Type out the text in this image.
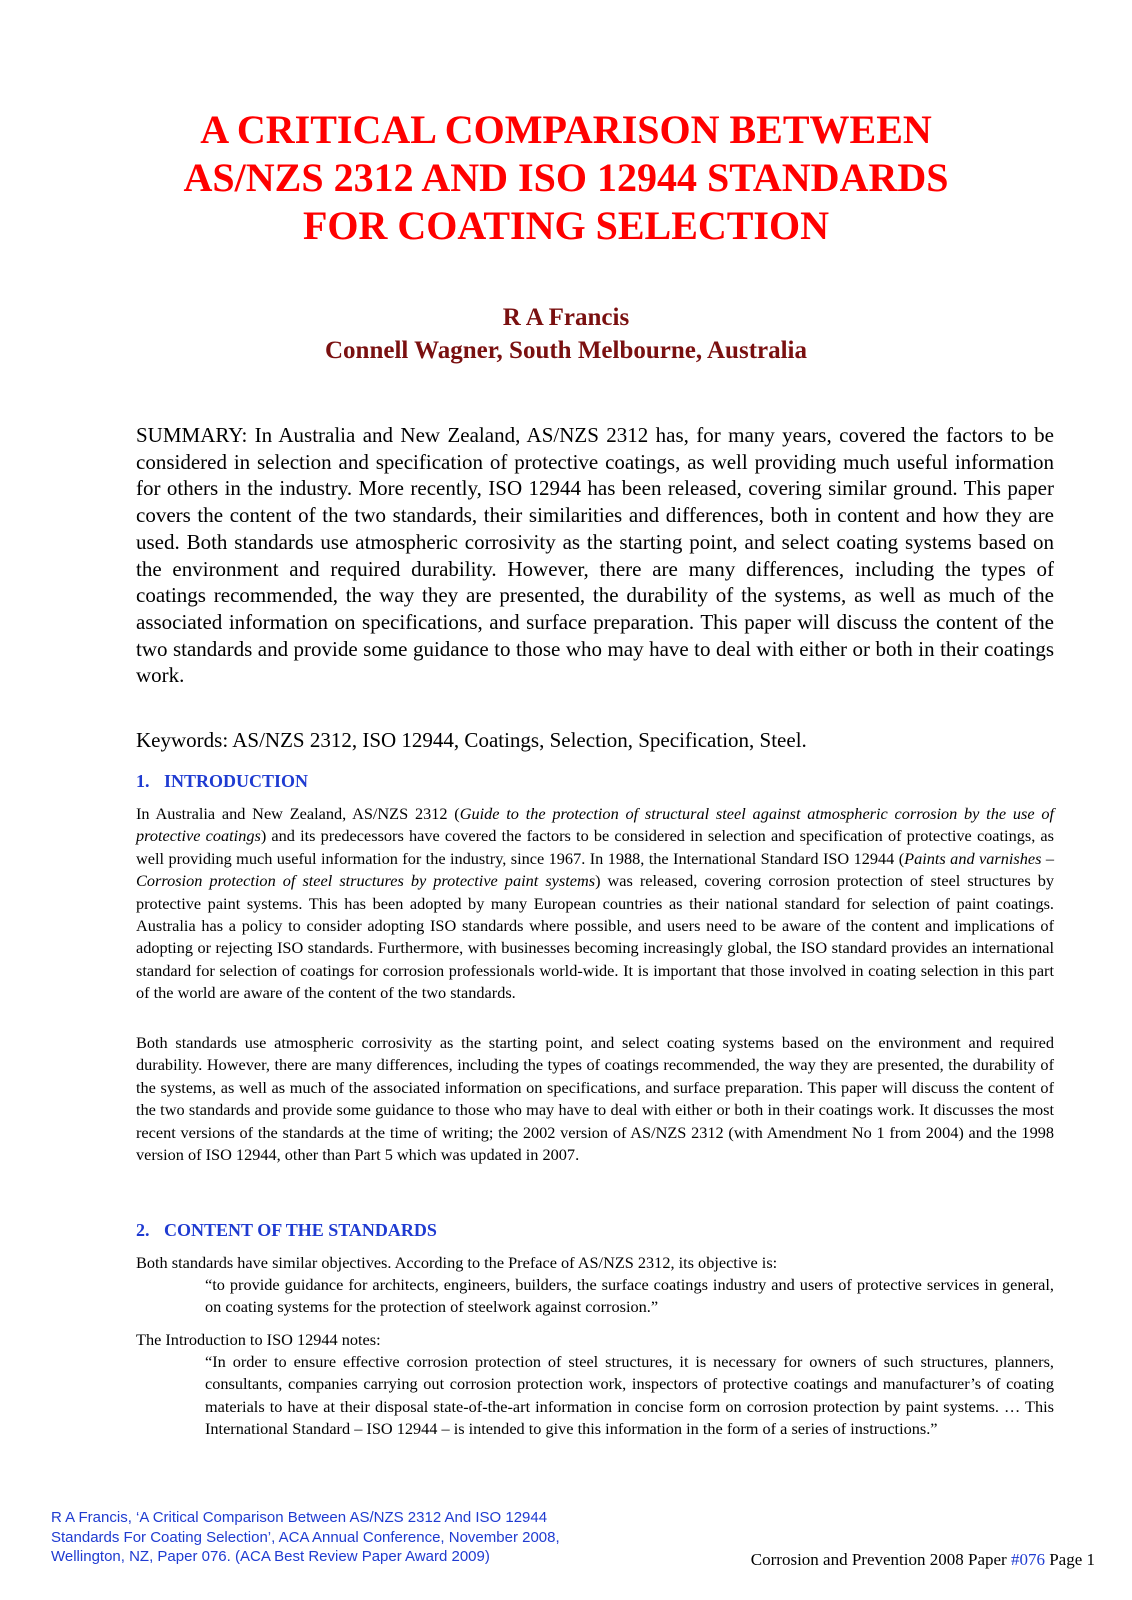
A CRITICAL COMPARISON BETWEEN
AS/NZS 2312 AND ISO 12944 STANDARDS
FOR COATING SELECTION
R A Francis
Connell Wagner, South Melbourne, Australia
SUMMARY: In Australia and New Zealand, AS/NZS 2312 has, for many years, covered the factors to be considered in selection and specification of protective coatings, as well providing much useful information for others in the industry. More recently, ISO 12944 has been released, covering similar ground. This paper covers the content of the two standards, their similarities and differences, both in content and how they are used. Both standards use atmospheric corrosivity as the starting point, and select coating systems based on the environment and required durability. However, there are many differences, including the types of coatings recommended, the way they are presented, the durability of the systems, as well as much of the associated information on specifications, and surface preparation. This paper will discuss the content of the two standards and provide some guidance to those who may have to deal with either or both in their coatings work.
Keywords: AS/NZS 2312, ISO 12944, Coatings, Selection, Specification, Steel.
1. INTRODUCTION
In Australia and New Zealand, AS/NZS 2312 (Guide to the protection of structural steel against atmospheric corrosion by the use of protective coatings) and its predecessors have covered the factors to be considered in selection and specification of protective coatings, as well providing much useful information for the industry, since 1967. In 1988, the International Standard ISO 12944 (Paints and varnishes – Corrosion protection of steel structures by protective paint systems) was released, covering corrosion protection of steel structures by protective paint systems. This has been adopted by many European countries as their national standard for selection of paint coatings. Australia has a policy to consider adopting ISO standards where possible, and users need to be aware of the content and implications of adopting or rejecting ISO standards. Furthermore, with businesses becoming increasingly global, the ISO standard provides an international standard for selection of coatings for corrosion professionals world-wide. It is important that those involved in coating selection in this part of the world are aware of the content of the two standards.
Both standards use atmospheric corrosivity as the starting point, and select coating systems based on the environment and required durability. However, there are many differences, including the types of coatings recommended, the way they are presented, the durability of the systems, as well as much of the associated information on specifications, and surface preparation. This paper will discuss the content of the two standards and provide some guidance to those who may have to deal with either or both in their coatings work. It discusses the most recent versions of the standards at the time of writing; the 2002 version of AS/NZS 2312 (with Amendment No 1 from 2004) and the 1998 version of ISO 12944, other than Part 5 which was updated in 2007.
2. CONTENT OF THE STANDARDS
Both standards have similar objectives. According to the Preface of AS/NZS 2312, its objective is:
“to provide guidance for architects, engineers, builders, the surface coatings industry and users of protective services in general, on coating systems for the protection of steelwork against corrosion.”
The Introduction to ISO 12944 notes:
“In order to ensure effective corrosion protection of steel structures, it is necessary for owners of such structures, planners, consultants, companies carrying out corrosion protection work, inspectors of protective coatings and manufacturer’s of coating materials to have at their disposal state-of-the-art information in concise form on corrosion protection by paint systems. … This International Standard – ISO 12944 – is intended to give this information in the form of a series of instructions.”
R A Francis, ‘A Critical Comparison Between AS/NZS 2312 And ISO 12944
Standards For Coating Selection’, ACA Annual Conference, November 2008,
Wellington, NZ, Paper 076. (ACA Best Review Paper Award 2009)	Corrosion and Prevention 2008 Paper #076 Page 1
